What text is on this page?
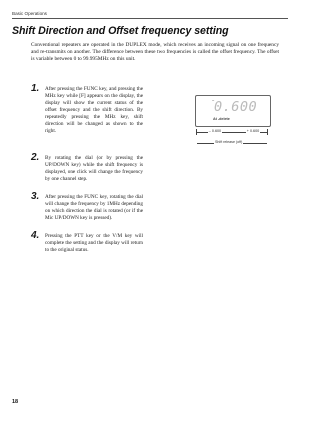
Basic Operations
Shift Direction and Offset frequency setting
Conventional repeaters are operated in the DUPLEX mode, which receives an incoming signal on one frequency and re-transmits on another. The difference between these two frequencies is called the offset frequency. The offset is variable between 0 to 99.995MHz on this unit.
1. After pressing the FUNC key, and pressing the MHz key while [F] appears on the display, the display will show the current status of the offset frequency and the shift direction. By repeatedly pressing the MHz key, shift direction will be changed as shown to the right.
2. By rotating the dial (or by pressing the UP/DOWN key) while the shift frequency is displayed, one click will change the frequency by one channel step.
3. After pressing the FUNC key, rotating the dial will change the frequency by 1MHz depending on which direction the dial is rotated (or if the Mic UP/DOWN key is pressed).
4. Pressing the PTT key or the V/M key will complete the setting and the display will return to the original status.
– 0.600
At -delete
– 0.600	+ 0.600
Shift release (off)
18
